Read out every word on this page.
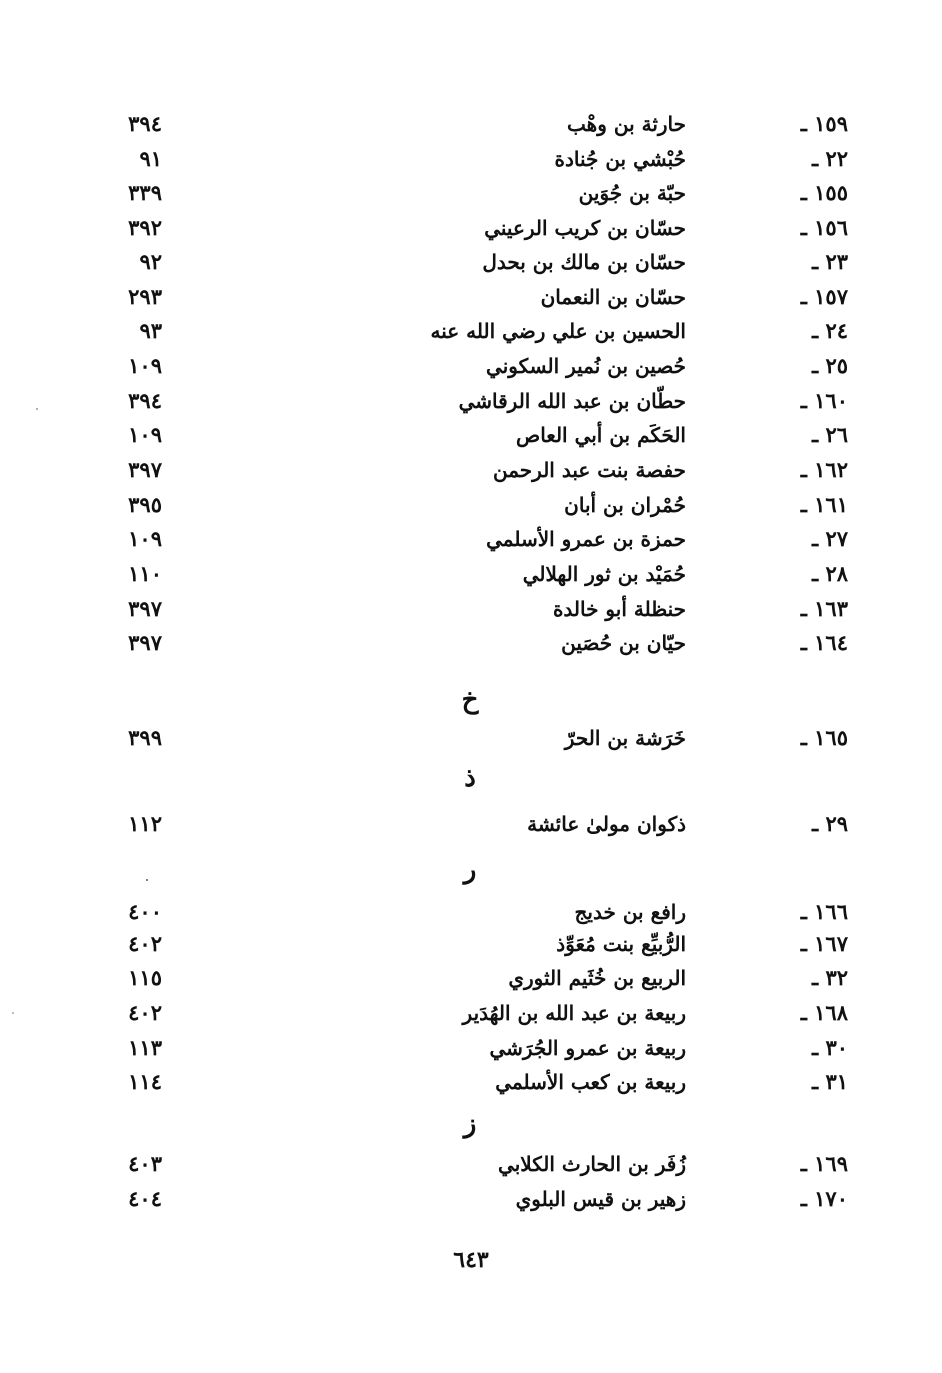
١٥٩ ـ
حارثة بن وهْب
٣٩٤
٢٢ ـ
حُبْشي بن جُنادة
٩١
١٥٥ ـ
حبّة بن جُوَين
٣٣٩
١٥٦ ـ
حسّان بن كريب الرعيني
٣٩٢
٢٣ ـ
حسّان بن مالك بن بحدل
٩٢
١٥٧ ـ
حسّان بن النعمان
٢٩٣
٢٤ ـ
الحسين بن علي رضي الله عنه
٩٣
٢٥ ـ
حُصين بن نُمير السكوني
١٠٩
١٦٠ ـ
حطّان بن عبد الله الرقاشي
٣٩٤
٢٦ ـ
الحَكَم بن أبي العاص
١٠٩
١٦٢ ـ
حفصة بنت عبد الرحمن
٣٩٧
١٦١ ـ
حُمْران بن أبان
٣٩٥
٢٧ ـ
حمزة بن عمرو الأسلمي
١٠٩
٢٨ ـ
حُمَيْد بن ثور الهلالي
١١٠
١٦٣ ـ
حنظلة أبو خالدة
٣٩٧
١٦٤ ـ
حيّان بن حُصَين
٣٩٧
خ
١٦٥ ـ
خَرَشة بن الحرّ
٣٩٩
ذ
٢٩ ـ
ذكوان مولىٰ عائشة
١١٢
ر
١٦٦ ـ
رافع بن خديج
٤٠٠
١٦٧ ـ
الرُّبيِّع بنت مُعَوِّذ
٤٠٢
٣٢ ـ
الربيع بن خُثَيم الثوري
١١٥
١٦٨ ـ
ربيعة بن عبد الله بن الهُدَير
٤٠٢
٣٠ ـ
ربيعة بن عمرو الجُرَشي
١١٣
٣١ ـ
ربيعة بن كعب الأسلمي
١١٤
ز
١٦٩ ـ
زُفَر بن الحارث الكلابي
٤٠٣
١٧٠ ـ
زهير بن قيس البلوي
٤٠٤
٦٤٣
